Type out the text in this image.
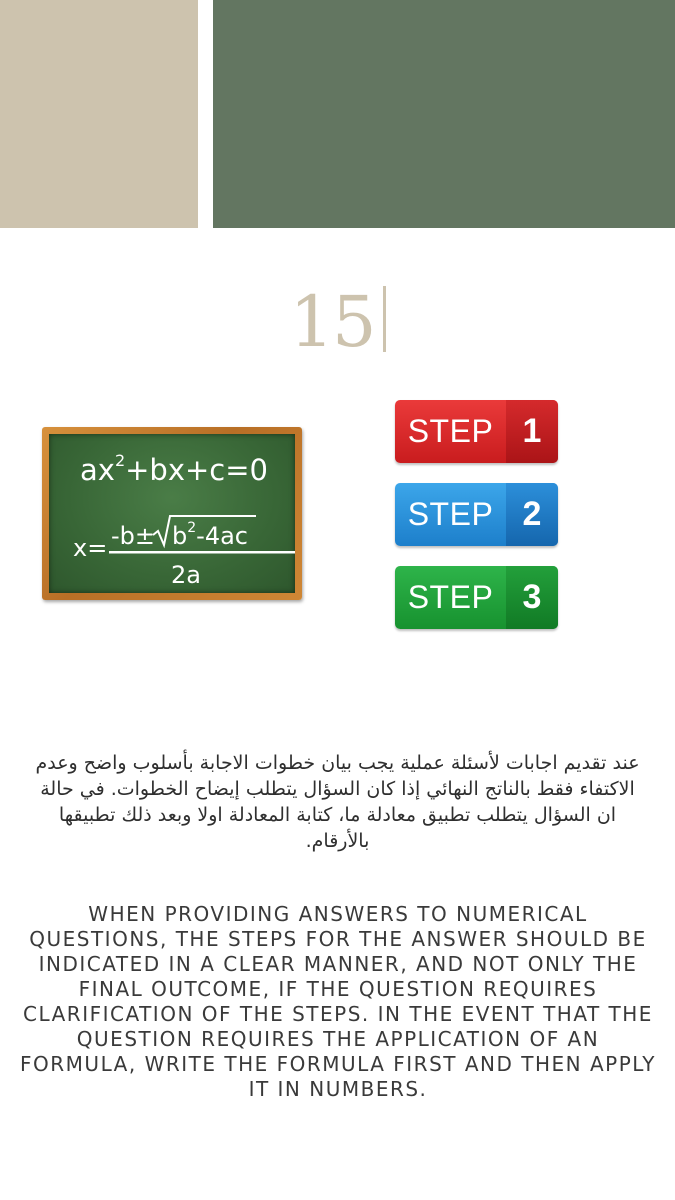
15
$ax^2+bx+c=0$
$x= -b\pm b^2-4ac$
2a
STEP 1
STEP 2
STEP 3
عند تقديم اجابات لأسئلة عملية يجب بيان خطوات الاجابة بأسلوب واضح وعدم الاكتفاء فقط بالناتج النهائي إذا كان السؤال يتطلب إيضاح الخطوات. في حالة ان السؤال يتطلب تطبيق معادلة ما، كتابة المعادلة اولا وبعد ذلك تطبيقها بالأرقام.
WHEN PROVIDING ANSWERS TO NUMERICAL QUESTIONS, THE STEPS FOR THE ANSWER SHOULD BE INDICATED IN A CLEAR MANNER, AND NOT ONLY THE FINAL OUTCOME, IF THE QUESTION REQUIRES CLARIFICATION OF THE STEPS. IN THE EVENT THAT THE QUESTION REQUIRES THE APPLICATION OF AN FORMULA, WRITE THE FORMULA FIRST AND THEN APPLY IT IN NUMBERS.
